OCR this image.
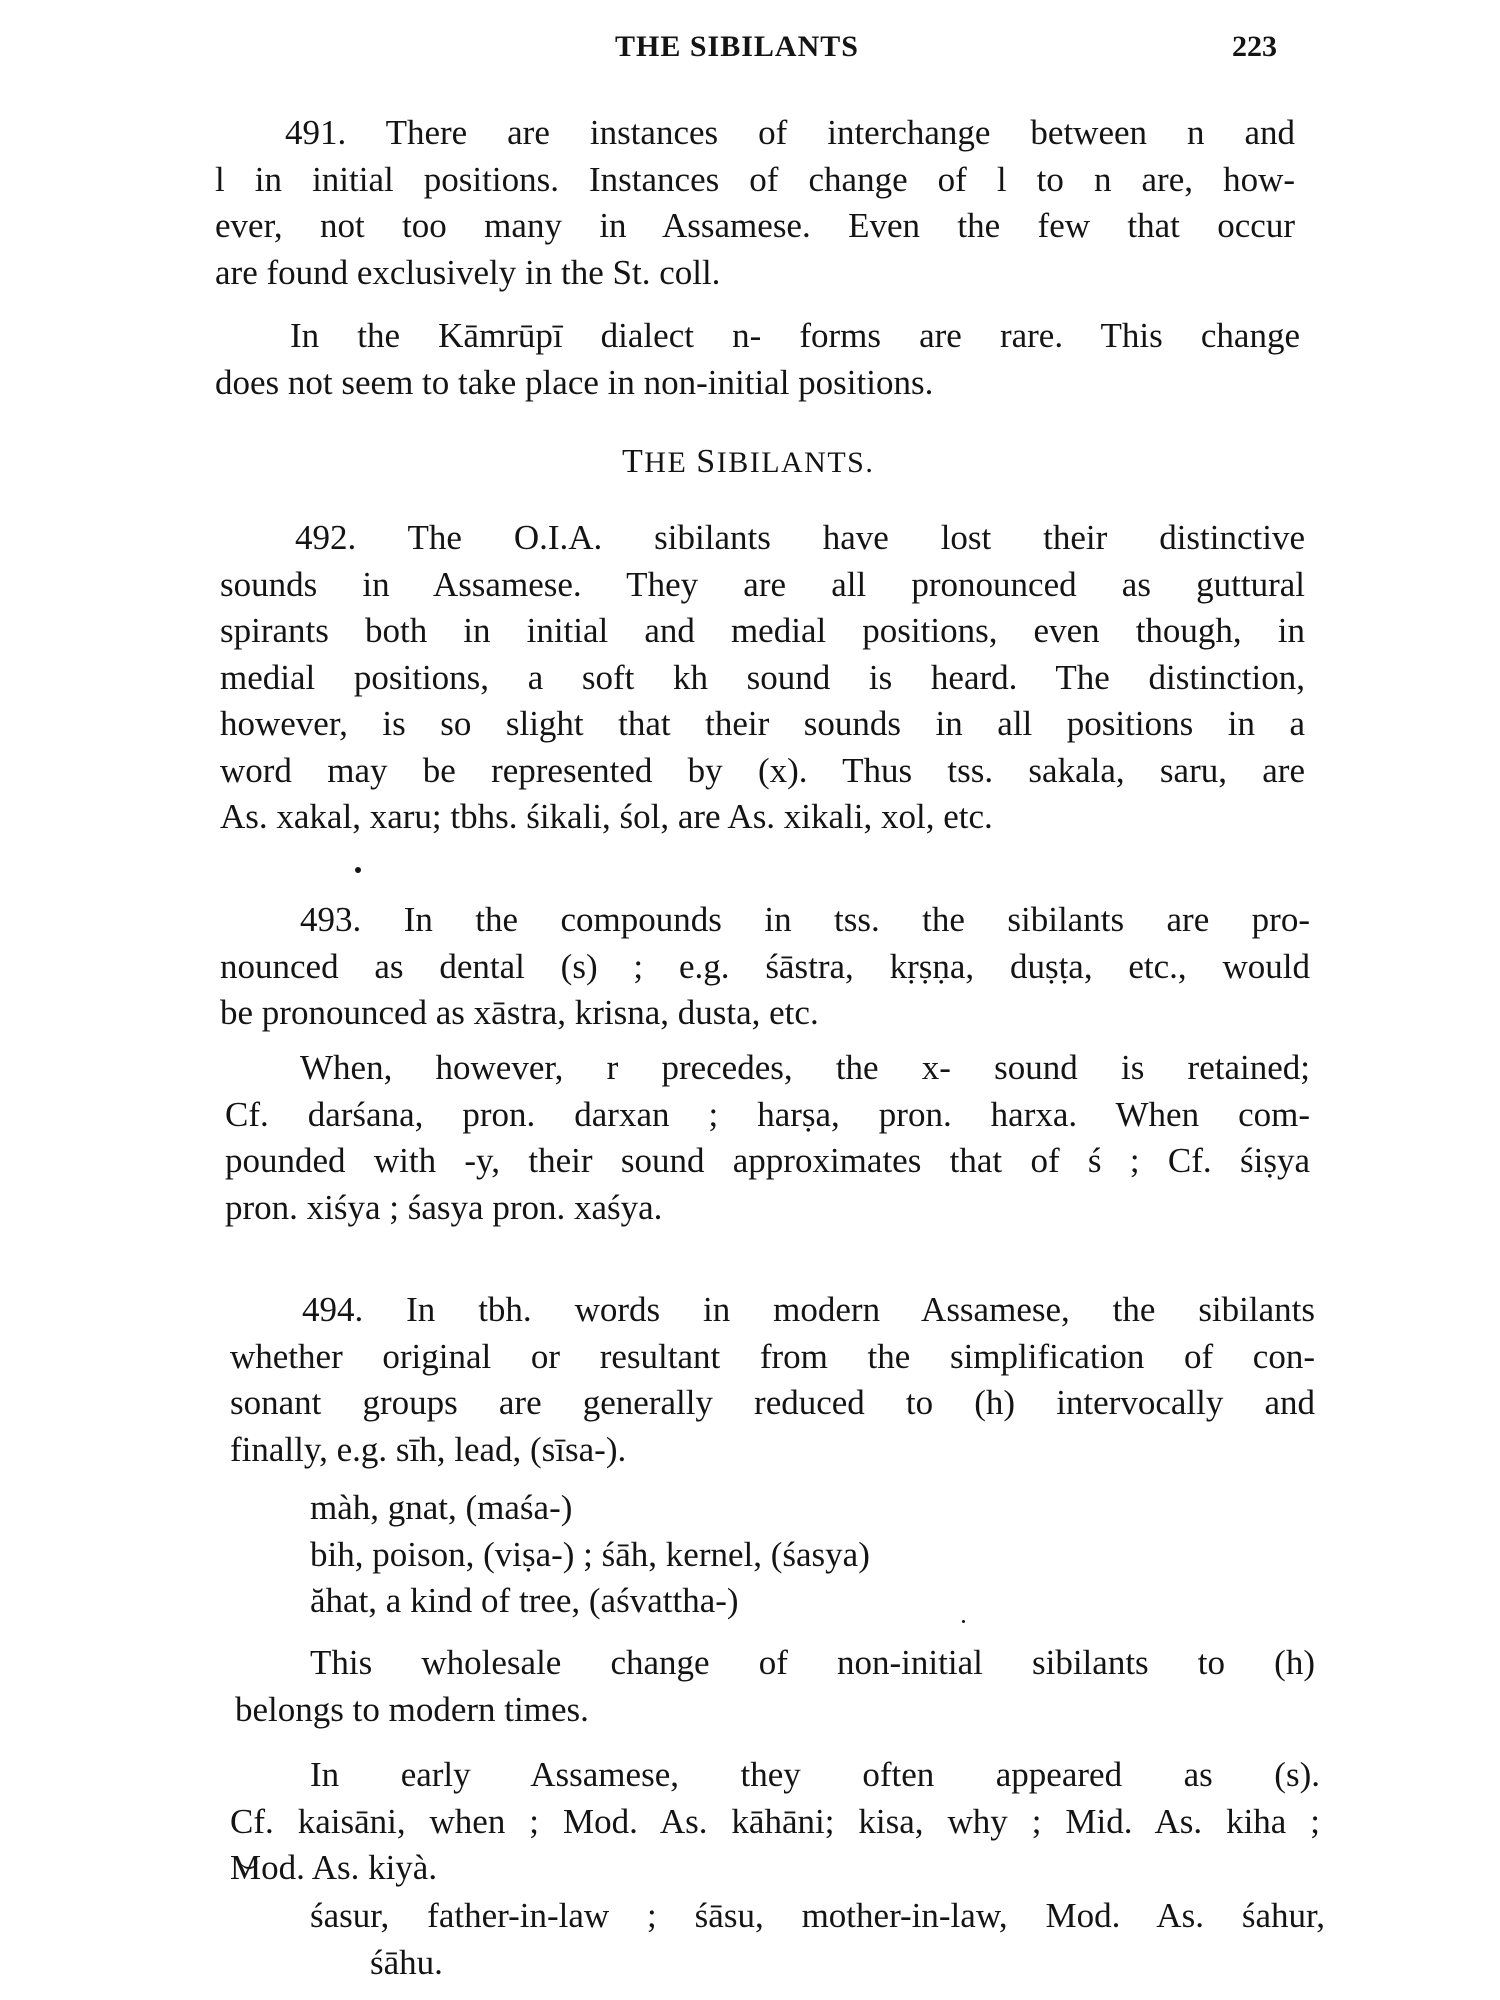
THE SIBILANTS	223
491. There are instances of interchange between n and
l in initial positions. Instances of change of l to n are, how-
ever, not too many in Assamese. Even the few that occur
are found exclusively in the St. coll.
In the Kāmrūpī dialect n- forms are rare. This change
does not seem to take place in non-initial positions.
THE SIBILANTS.
492. The O.I.A. sibilants have lost their distinctive
sounds in Assamese. They are all pronounced as guttural
spirants both in initial and medial positions, even though, in
medial positions, a soft kh sound is heard. The distinction,
however, is so slight that their sounds in all positions in a
word may be represented by (x). Thus tss. sakala, saru, are
As. xakal, xaru; tbhs. śikali, śol, are As. xikali, xol, etc.
493. In the compounds in tss. the sibilants are pro-
nounced as dental (s) ; e.g. śāstra, kṛṣṇa, duṣṭa, etc., would
be pronounced as xāstra, krisna, dusta, etc.
When, however, r precedes, the x- sound is retained;
Cf. darśana, pron. darxan ; harṣa, pron. harxa. When com-
pounded with -y, their sound approximates that of ś ; Cf. śiṣya
pron. xiśya ; śasya pron. xaśya.
494. In tbh. words in modern Assamese, the sibilants
whether original or resultant from the simplification of con-
sonant groups are generally reduced to (h) intervocally and
finally, e.g. sīh, lead, (sīsa-).
màh, gnat, (maśa-)
bih, poison, (viṣa-) ; śāh, kernel, (śasya)
ăhat, a kind of tree, (aśvattha-)
This wholesale change of non-initial sibilants to (h)
belongs to modern times.
In early Assamese, they often appeared as (s).
Cf. kaisāni, when ; Mod. As. kāhāni; kisa, why ; Mid. As. kiha ;
Mod. As. kiyà.
śasur, father-in-law ; śāsu, mother-in-law, Mod. As. śahur,
śāhu.
